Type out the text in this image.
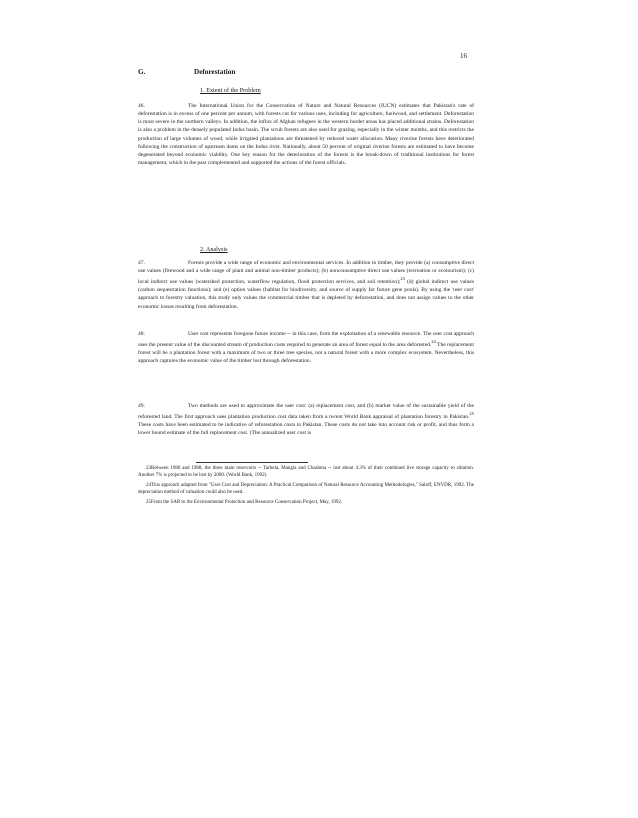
16
G.	Deforestation
1. Extent of the Problem
46.	The International Union for the Conservation of Nature and Natural Resources (IUCN) estimates that Pakistan's rate of deforestation is in excess of one percent per annum, with forests cut for various uses, including for agriculture, fuelwood, and settlement. Deforestation is most severe in the northern valleys. In addition, the influx of Afghan refugees in the western border areas has placed additional strains. Deforestation is also a problem in the densely populated Indus basin. The scrub forests are also used for grazing, especially in the winter months, and this restricts the production of large volumes of wood, while irrigated plantations are threatened by reduced water allocation. Many riverine forests have deteriorated following the construction of upstream dams on the Indus river. Nationally, about 50 percent of original riverine forests are estimated to have become degenerated beyond economic viability. One key reason for the deterioration of the forests is the break-down of traditional institutions for forest management, which in the past complemented and supported the actions of the forest officials.
2. Analysis
47.	Forests provide a wide range of economic and environmental services. In addition to timber, they provide (a) consumptive direct use values (firewood and a wide range of plant and animal non-timber products); (b) nonconsumptive direct use values (recreation or ecotourism); (c) local indirect use values (watershed protection, waterflow regulation, flood protection services, and soil retention);$^{23}$ (d) global indirect use values (carbon sequestration functions); and (e) option values (habitat for biodiversity, and source of supply for future gene pools). By using the 'user cost' approach to forestry valuation, this study only values the commercial timber that is depleted by deforestation, and does not assign values to the other economic losses resulting from deforestation.
48.	User cost represents foregone future income -- in this case, from the exploitation of a renewable resource. The user cost approach uses the present value of the discounted stream of production costs required to generate an area of forest equal to the area deforested.$^{24}$ The replacement forest will be a plantation forest with a maximum of two or three tree species, not a natural forest with a more complex ecosystem. Nevertheless, this approach captures the economic value of the timber lost through deforestation.
49.	Two methods are used to approximate the user cost: (a) replacement cost, and (b) market value of the sustainable yield of the reforested land. The first approach uses plantation production cost data taken from a recent World Bank appraisal of plantation forestry in Pakistan.$^{25}$ These costs have been estimated to be indicative of reforestation costs in Pakistan. These costs do not take into account risk or profit, and thus form a lower bound estimate of the full replacement cost. (The annualized user cost is
23Between 1980 and 1988, the three main reservoirs -- Tarbela, Mangla and Chashma -- lost about 4.3% of their combined live storage capacity to siltation. Another 7% is projected to be lost by 2000. (World Bank, 1992).
24This approach adapted from "User Cost and Depreciation: A Practical Comparison of Natural Resource Accounting Methodologies," Saloff, ENVDR, 1992. The depreciation method of valuation could also be used.
25From the SAR to the Environmental Protection and Resource Conservation Project, May, 1992.
